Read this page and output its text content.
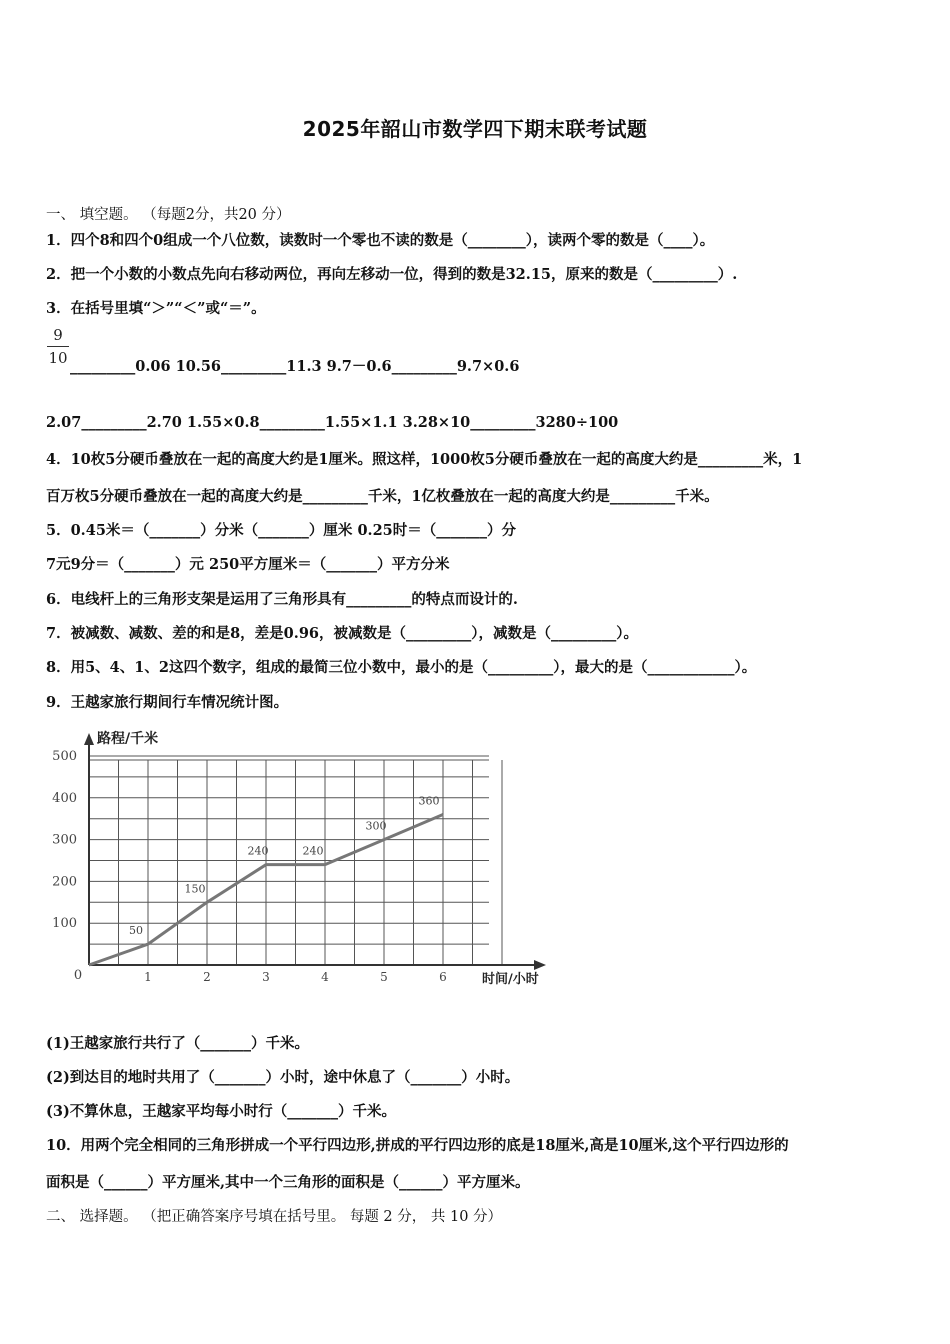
2025年韶山市数学四下期末联考试题
一、 填空题。 （每题2分，共20 分）
1．四个8和四个0组成一个八位数，读数时一个零也不读的数是（________），读两个零的数是（____）。
2．把一个小数的小数点先向右移动两位，再向左移动一位，得到的数是32.15，原来的数是（_________）.
3．在括号里填“＞”“＜”或“＝”。
9
10 _________0.06 10.56_________11.3 9.7－0.6_________9.7×0.6
2.07_________2.70 1.55×0.8_________1.55×1.1 3.28×10_________3280÷100
4．10枚5分硬币叠放在一起的高度大约是1厘米。照这样，1000枚5分硬币叠放在一起的高度大约是_________米，1
百万枚5分硬币叠放在一起的高度大约是_________千米，1亿枚叠放在一起的高度大约是_________千米。
5．0.45米＝（_______）分米（_______）厘米 0.25时＝（_______）分
7元9分＝（_______）元 250平方厘米＝（_______）平方分米
6．电线杆上的三角形支架是运用了三角形具有_________的特点而设计的.
7．被减数、减数、差的和是8，差是0.96，被减数是（_________），减数是（_________）。
8．用5、4、1、2这四个数字，组成的最简三位小数中，最小的是（_________），最大的是（____________）。
9．王越家旅行期间行车情况统计图。
路程/千米
时间/小时
0	1	2	3	4	5	6
100
200
300
400
500
50
150
240	240
300
360
(1)王越家旅行共行了（_______）千米。
(2)到达目的地时共用了（_______）小时，途中休息了（_______）小时。
(3)不算休息，王越家平均每小时行（_______）千米。
10．用两个完全相同的三角形拼成一个平行四边形,拼成的平行四边形的底是18厘米,高是10厘米,这个平行四边形的
面积是（______）平方厘米,其中一个三角形的面积是（______）平方厘米。
二、 选择题。 （把正确答案序号填在括号里。 每题 2 分， 共 10 分）
